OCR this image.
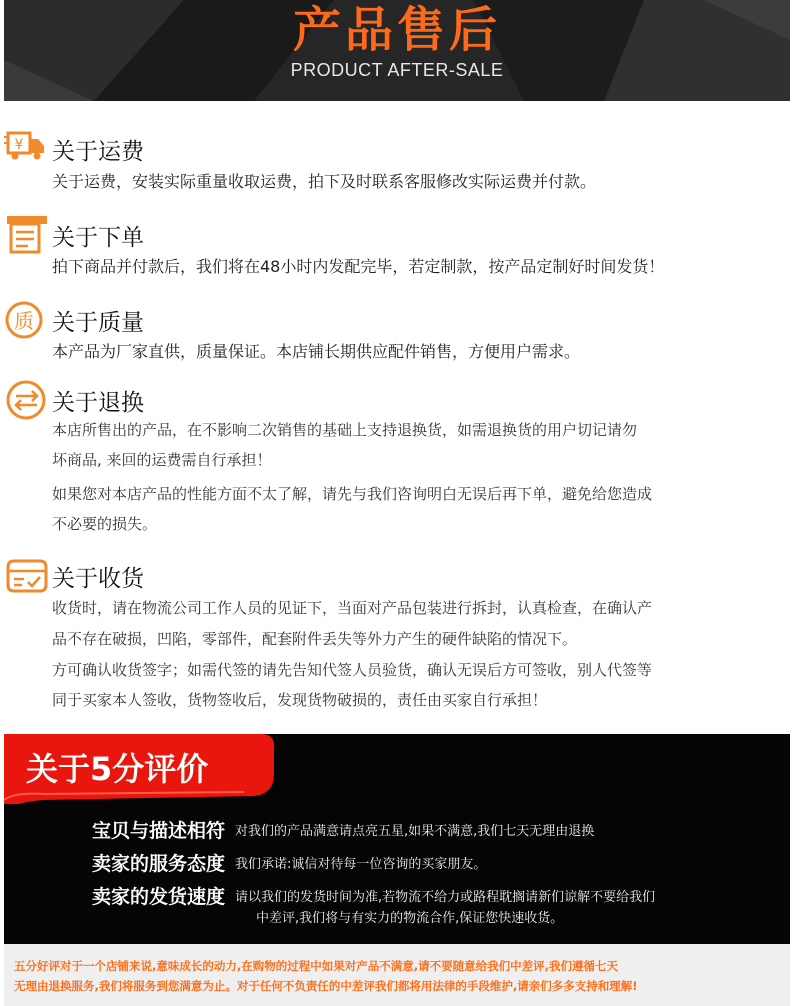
产品售后
PRODUCT AFTER-SALE
¥ 关于运费
关于运费，安装实际重量收取运费，拍下及时联系客服修改实际运费并付款。
关于下单
拍下商品并付款后，我们将在48小时内发配完毕，若定制款，按产品定制好时间发货！
质 关于质量
本产品为厂家直供，质量保证。本店铺长期供应配件销售，方便用户需求。
关于退换
本店所售出的产品，在不影响二次销售的基础上支持退换货，如需退换货的用户切记请勿
坏商品, 来回的运费需自行承担！
如果您对本店产品的性能方面不太了解，请先与我们咨询明白无误后再下单，避免给您造成
不必要的损失。
关于收货
收货时，请在物流公司工作人员的见证下，当面对产品包装进行拆封，认真检查，在确认产
品不存在破损，凹陷，零部件，配套附件丢失等外力产生的硬件缺陷的情况下。
方可确认收货签字；如需代签的请先告知代签人员验货，确认无误后方可签收，别人代签等
同于买家本人签收，货物签收后，发现货物破损的，责任由买家自行承担！
关于5分评价
宝贝与描述相符 对我们的产品满意请点亮五星,如果不满意,我们七天无理由退换
卖家的服务态度 我们承诺:诚信对待每一位咨询的买家朋友。
卖家的发货速度 请以我们的发货时间为准,若物流不给力或路程耽搁请新们谅解不要给我们
中差评,我们将与有实力的物流合作,保证您快速收货。
五分好评对于一个店铺来说,意味成长的动力,在购物的过程中如果对产品不满意,请不要随意给我们中差评,我们遵循七天
无理由退换服务,我们将服务到您满意为止。对于任何不负责任的中差评我们都将用法律的手段维护,请亲们多多支持和理解!
